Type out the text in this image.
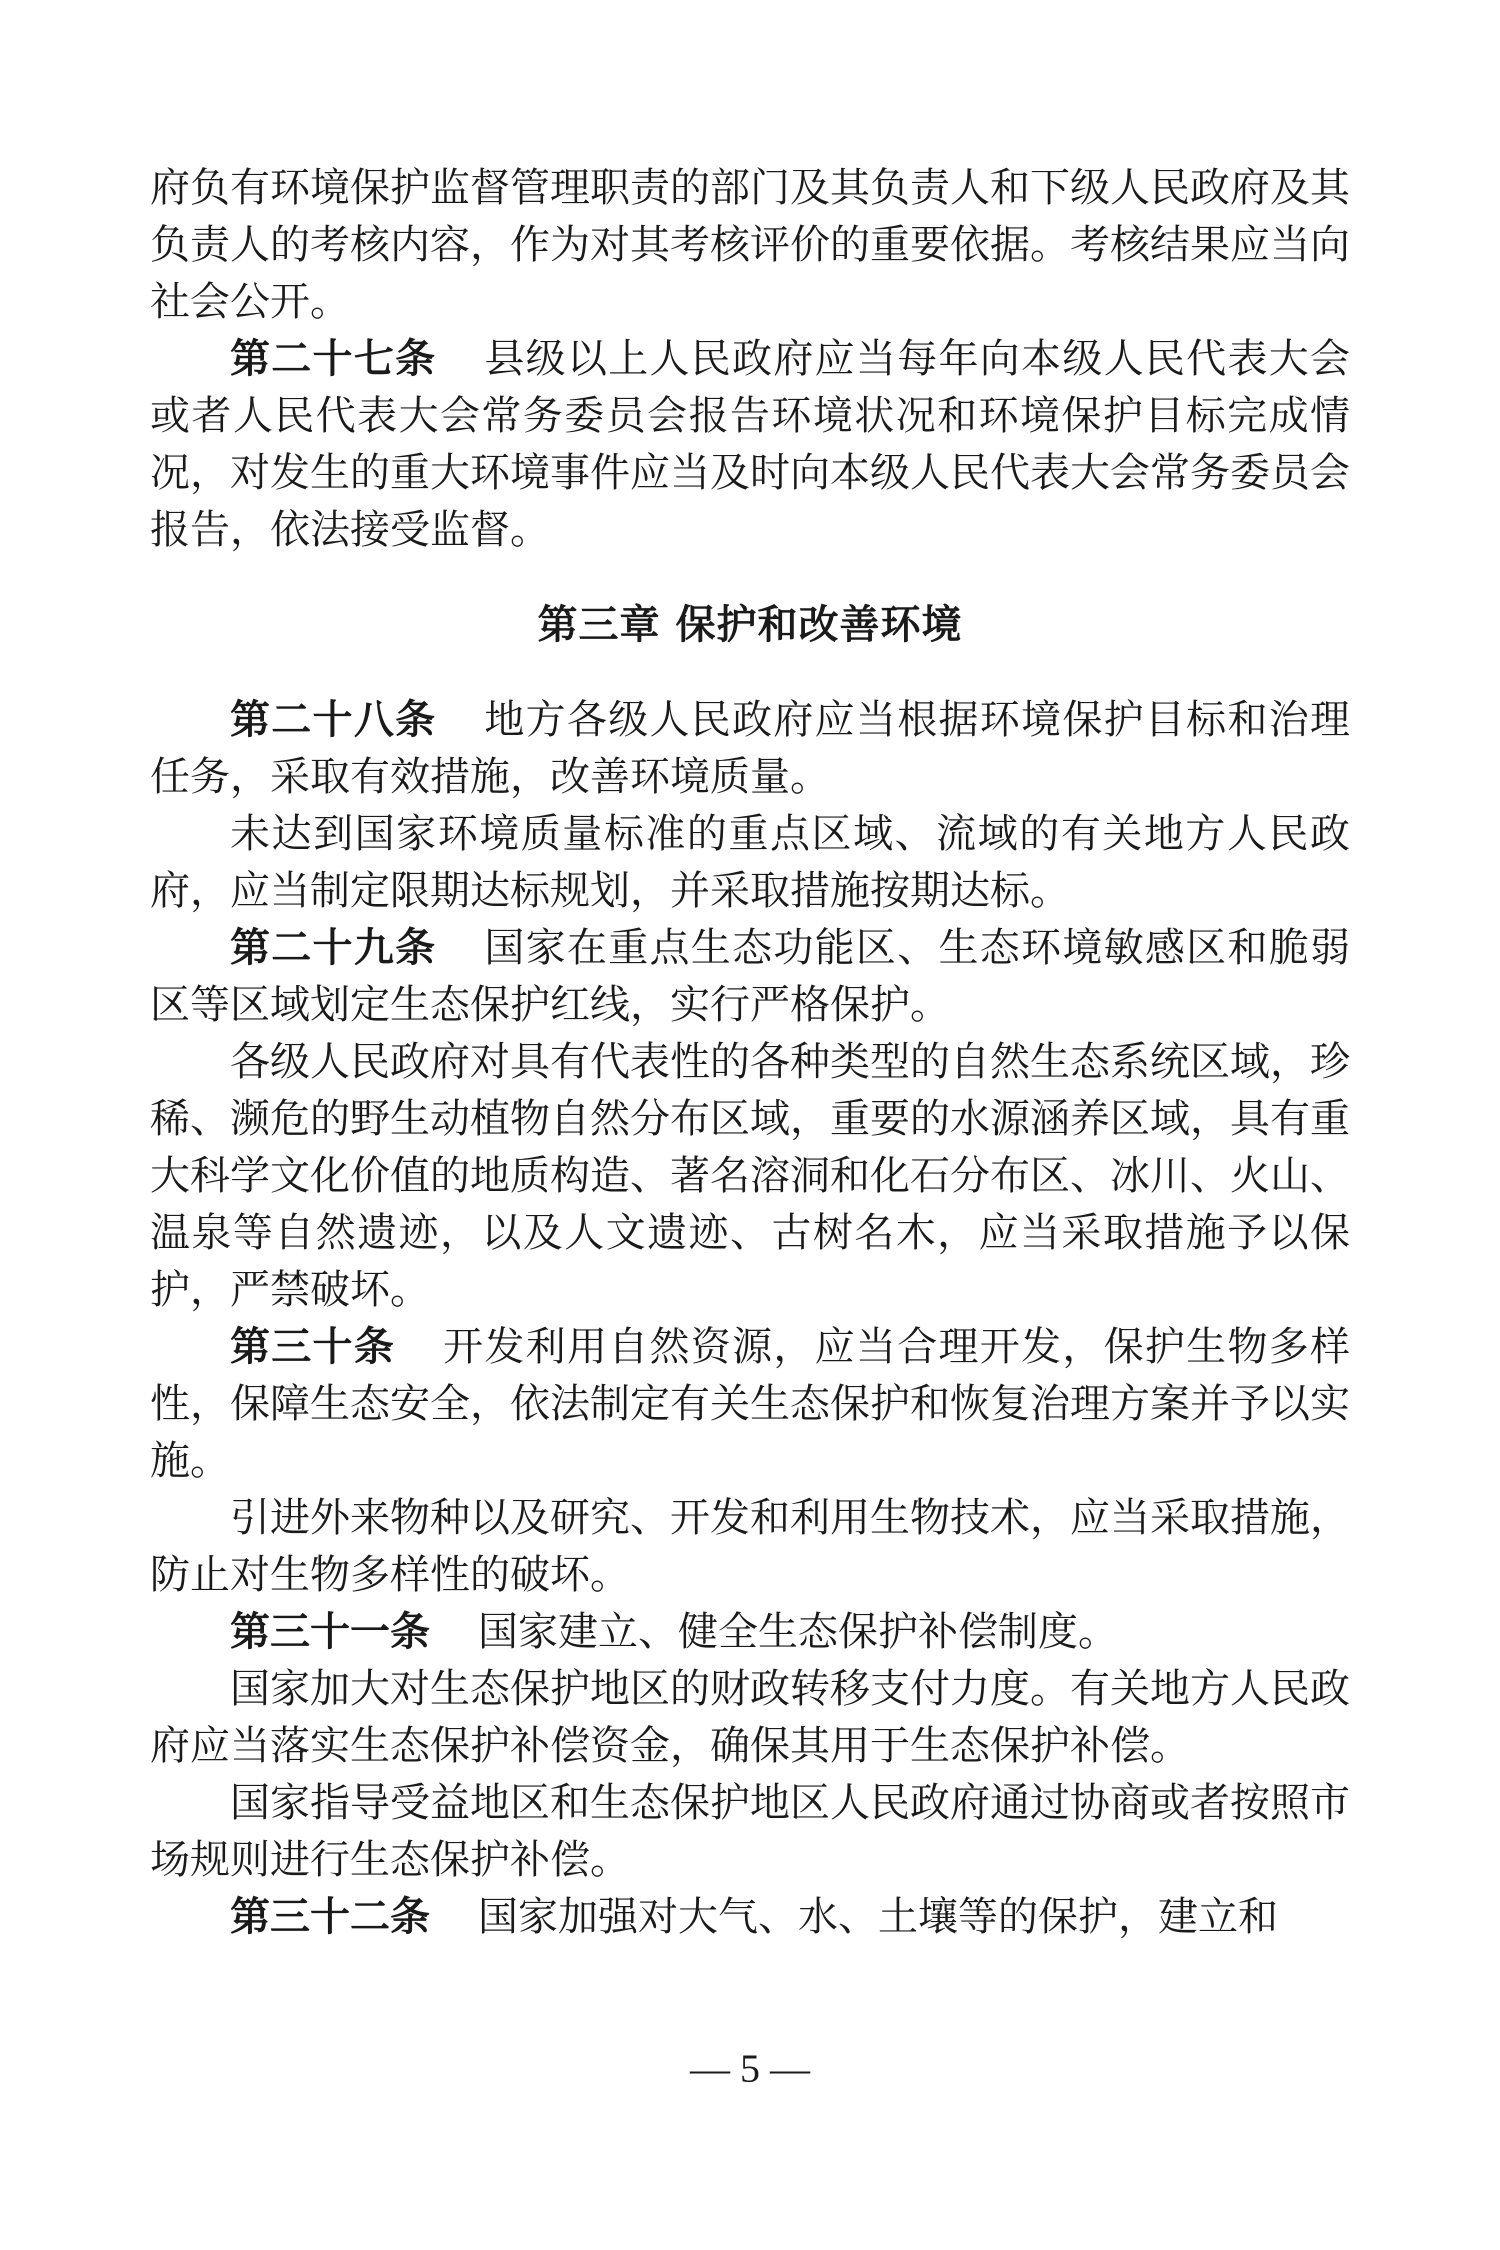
府负有环境保护监督管理职责的部门及其负责人和下级人民政府及其负责人的考核内容，作为对其考核评价的重要依据。考核结果应当向社会公开。

第二十七条 县级以上人民政府应当每年向本级人民代表大会或者人民代表大会常务委员会报告环境状况和环境保护目标完成情况，对发生的重大环境事件应当及时向本级人民代表大会常务委员会报告，依法接受监督。

第三章 保护和改善环境

第二十八条 地方各级人民政府应当根据环境保护目标和治理任务，采取有效措施，改善环境质量。

未达到国家环境质量标准的重点区域、流域的有关地方人民政府，应当制定限期达标规划，并采取措施按期达标。

第二十九条 国家在重点生态功能区、生态环境敏感区和脆弱区等区域划定生态保护红线，实行严格保护。

各级人民政府对具有代表性的各种类型的自然生态系统区域，珍稀、濒危的野生动植物自然分布区域，重要的水源涵养区域，具有重大科学文化价值的地质构造、著名溶洞和化石分布区、冰川、火山、温泉等自然遗迹，以及人文遗迹、古树名木，应当采取措施予以保护，严禁破坏。

第三十条 开发利用自然资源，应当合理开发，保护生物多样性，保障生态安全，依法制定有关生态保护和恢复治理方案并予以实施。

引进外来物种以及研究、开发和利用生物技术，应当采取措施，防止对生物多样性的破坏。

第三十一条 国家建立、健全生态保护补偿制度。

国家加大对生态保护地区的财政转移支付力度。有关地方人民政府应当落实生态保护补偿资金，确保其用于生态保护补偿。

国家指导受益地区和生态保护地区人民政府通过协商或者按照市场规则进行生态保护补偿。

第三十二条 国家加强对大气、水、土壤等的保护，建立和

— 5 —
